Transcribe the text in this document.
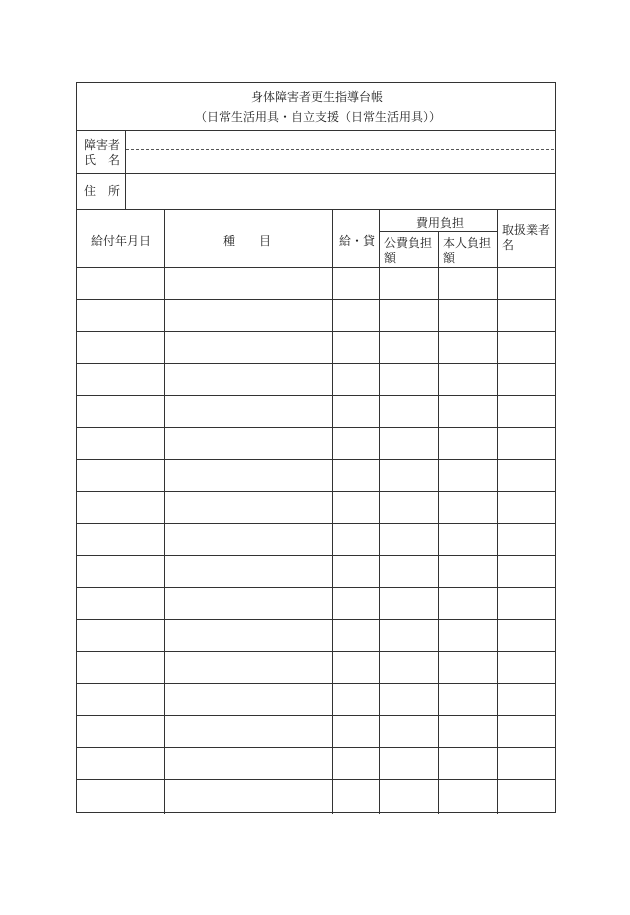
身体障害者更生指導台帳
（日常生活用具・自立支援（日常生活用具））
障害者
氏　名
住　所
給付年月日	種　　目	給・貸
費用負担
公費負担
額
本人負担
額
取扱業者
名
